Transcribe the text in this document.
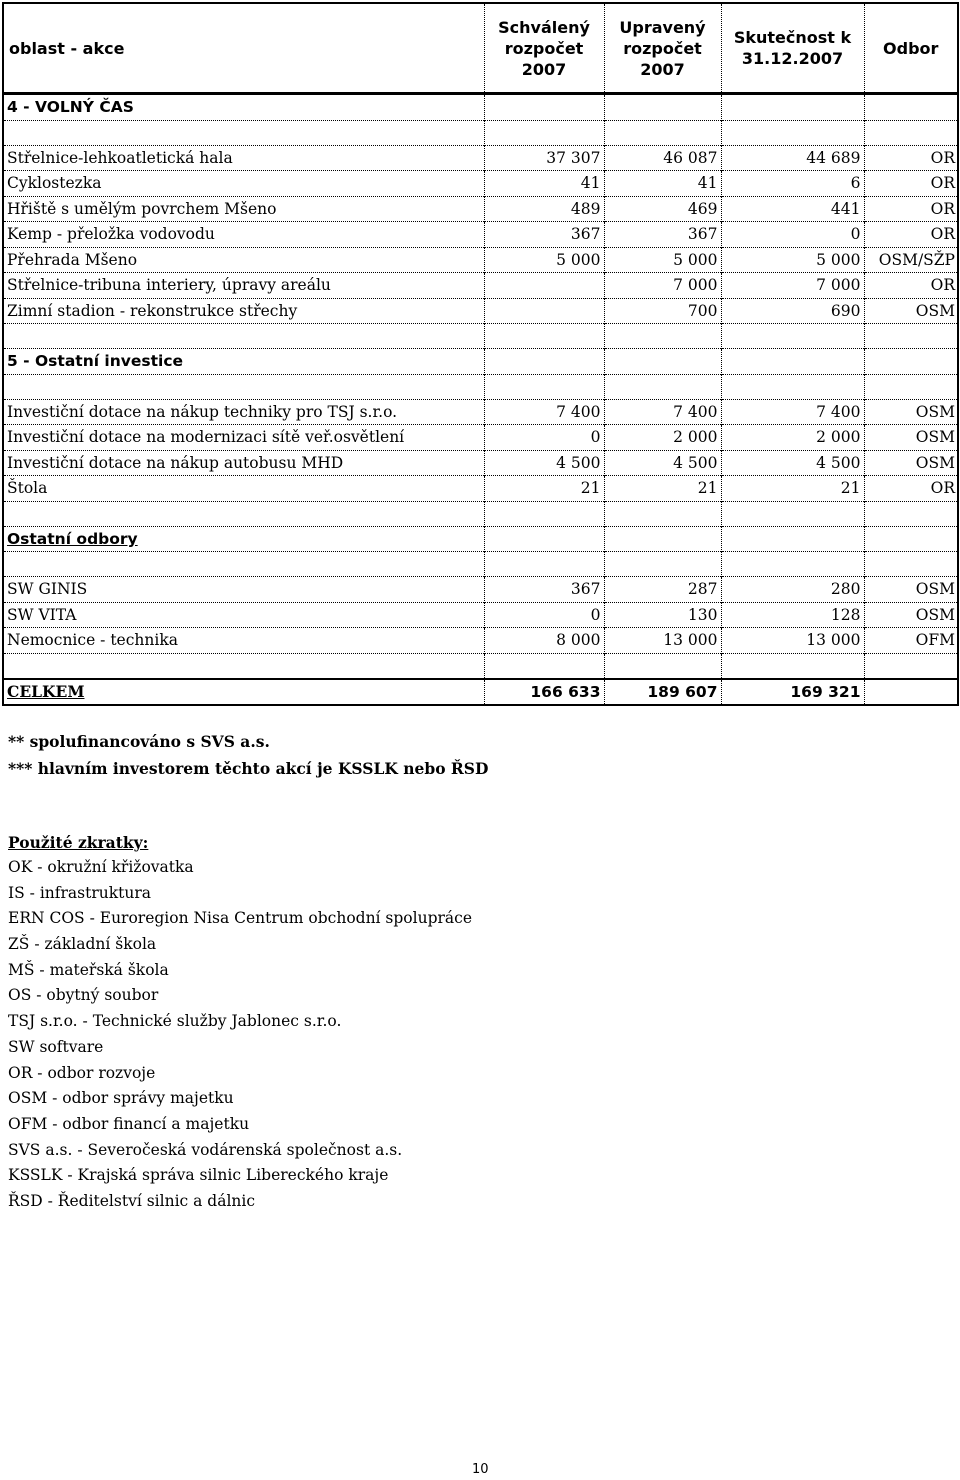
oblast - akce	Schválený rozpočet 2007	Upravený rozpočet 2007	Skutečnost k 31.12.2007	Odbor
4 - VOLNÝ ČAS				

Střelnice-lehkoatletická hala	37 307	46 087	44 689	OR
Cyklostezka	41	41	6	OR
Hřiště s umělým povrchem Mšeno	489	469	441	OR
Kemp - přeložka vodovodu	367	367	0	OR
Přehrada Mšeno	5 000	5 000	5 000	OSM/SŽP
Střelnice-tribuna interiery, úpravy areálu		7 000	7 000	OR
Zimní stadion - rekonstrukce střechy		700	690	OSM

5 - Ostatní investice				

Investiční dotace na nákup techniky pro TSJ s.r.o.	7 400	7 400	7 400	OSM
Investiční dotace na modernizaci sítě veř.osvětlení	0	2 000	2 000	OSM
Investiční dotace na nákup autobusu MHD	4 500	4 500	4 500	OSM
Štola	21	21	21	OR

Ostatní odbory				

SW GINIS	367	287	280	OSM
SW VITA	0	130	128	OSM
Nemocnice - technika	8 000	13 000	13 000	OFM

CELKEM	166 633	189 607	169 321	
** spolufinancováno s SVS a.s.
*** hlavním investorem těchto akcí je KSSLK nebo ŘSD
Použité zkratky:
OK - okružní křižovatka
IS - infrastruktura
ERN COS - Euroregion Nisa Centrum obchodní spolupráce
ZŠ - základní škola
MŠ - mateřská škola
OS - obytný soubor
TSJ s.r.o. - Technické služby Jablonec s.r.o.
SW softvare
OR - odbor rozvoje
OSM - odbor správy majetku
OFM - odbor financí a majetku
SVS a.s. - Severočeská vodárenská společnost a.s.
KSSLK - Krajská správa silnic Libereckého kraje
ŘSD - Ředitelství silnic a dálnic
10
